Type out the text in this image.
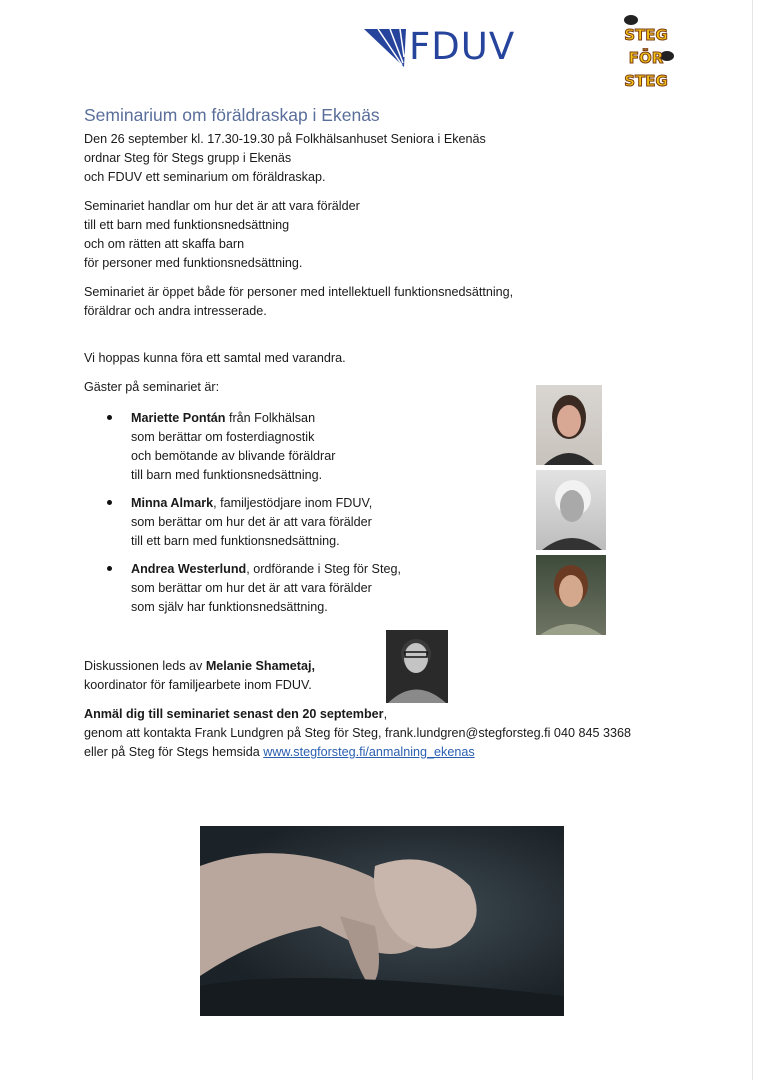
FDUV	STEG
FÖR
STEG
Seminarium om föräldraskap i Ekenäs
Den 26 september kl. 17.30-19.30 på Folkhälsanhuset Seniora i Ekenäs
ordnar Steg för Stegs grupp i Ekenäs
och FDUV ett seminarium om föräldraskap.
Seminariet handlar om hur det är att vara förälder
till ett barn med funktionsnedsättning
och om rätten att skaffa barn
för personer med funktionsnedsättning.
Seminariet är öppet både för personer med intellektuell funktionsnedsättning,
föräldrar och andra intresserade.
Vi hoppas kunna föra ett samtal med varandra.
Gäster på seminariet är:
Mariette Pontán från Folkhälsan
som berättar om fosterdiagnostik
och bemötande av blivande föräldrar
till barn med funktionsnedsättning.
Minna Almark, familjestödjare inom FDUV,
som berättar om hur det är att vara förälder
till ett barn med funktionsnedsättning.
Andrea Westerlund, ordförande i Steg för Steg,
som berättar om hur det är att vara förälder
som själv har funktionsnedsättning.
Diskussionen leds av Melanie Shametaj,
koordinator för familjearbete inom FDUV.
Anmäl dig till seminariet senast den 20 september,
genom att kontakta Frank Lundgren på Steg för Steg, frank.lundgren@stegforsteg.fi 040 845 3368
eller på Steg för Stegs hemsida www.stegforsteg.fi/anmalning_ekenas
